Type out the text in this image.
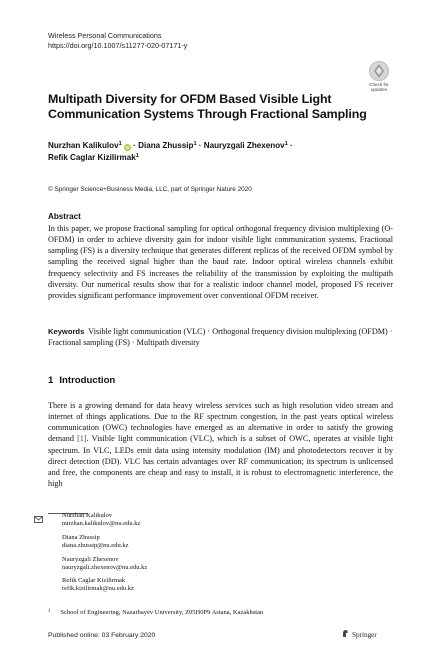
Wireless Personal Communications
https://doi.org/10.1007/s11277-020-07171-y
Check for
updates
Multipath Diversity for OFDM Based Visible Light Communication Systems Through Fractional Sampling
Nurzhan Kalikulov$^1$ iD · Diana Zhussip$^1$ · Nauryzgali Zhexenov$^1$ ·
Refik Caglar Kizilirmak$^1$
© Springer Science+Business Media, LLC, part of Springer Nature 2020
Abstract
In this paper, we propose fractional sampling for optical orthogonal frequency division multiplexing (O-OFDM) in order to achieve diversity gain for indoor visible light communication systems. Fractional sampling (FS) is a diversity technique that generates different replicas of the received OFDM symbol by sampling the received signal higher than the baud rate. Indoor optical wireless channels exhibit frequency selectivity and FS increases the reliability of the transmission by exploiting the multipath diversity. Our numerical results show that for a realistic indoor channel model, proposed FS receiver provides significant performance improvement over conventional OFDM receiver.
Keywords Visible light communication (VLC) · Orthogonal frequency division multiplexing (OFDM) · Fractional sampling (FS) · Multipath diversity
1 Introduction
There is a growing demand for data heavy wireless services such as high resolution video stream and internet of things applications. Due to the RF spectrum congestion, in the past years optical wireless communication (OWC) technologies have emerged as an alternative in order to satisfy the growing demand [1]. Visible light communication (VLC), which is a subset of OWC, operates at visible light spectrum. In VLC, LEDs emit data using intensity modulation (IM) and photodetectors recover it by direct detection (DD). VLC has certain advantages over RF communication; its spectrum is unlicensed and free, the components are cheap and easy to install, it is robust to electromagnetic interference, the high
Nurzhan Kalikulov
nurzhan.kalikulov@nu.edu.kz
Diana Zhussip
diana.zhussip@nu.edu.kz
Nauryzgali Zhexenov
nauryzgali.zhexenov@nu.edu.kz
Refik Caglar Kizilirmak
refik.kizilirmak@nu.edu.kz
$^1$ School of Engineering, Nazarbayev University, Z05H0P9 Astana, Kazakhstan
Published online: 03 February 2020	Springer
